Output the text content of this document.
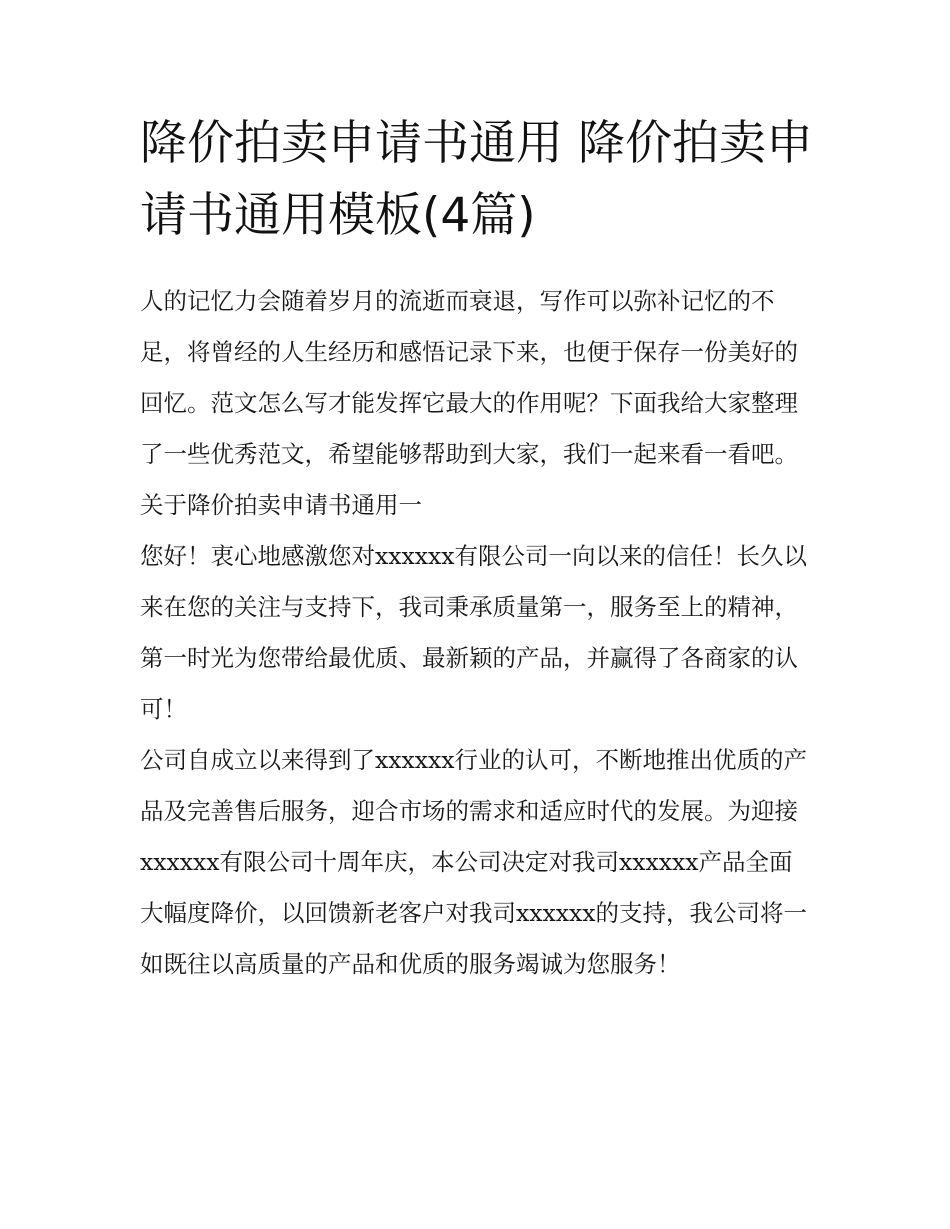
降价拍卖申请书通用 降价拍卖申请书通用模板(4篇)

人的记忆力会随着岁月的流逝而衰退，写作可以弥补记忆的不足，将曾经的人生经历和感悟记录下来，也便于保存一份美好的回忆。范文怎么写才能发挥它最大的作用呢？下面我给大家整理了一些优秀范文，希望能够帮助到大家，我们一起来看一看吧。

关于降价拍卖申请书通用一

您好！衷心地感激您对xxxxxx有限公司一向以来的信任！长久以来在您的关注与支持下，我司秉承质量第一，服务至上的精神，第一时光为您带给最优质、最新颖的产品，并赢得了各商家的认可！

公司自成立以来得到了xxxxxx行业的认可，不断地推出优质的产品及完善售后服务，迎合市场的需求和适应时代的发展。为迎接xxxxxx有限公司十周年庆，本公司决定对我司xxxxxx产品全面大幅度降价，以回馈新老客户对我司xxxxxx的支持，我公司将一如既往以高质量的产品和优质的服务竭诚为您服务！
